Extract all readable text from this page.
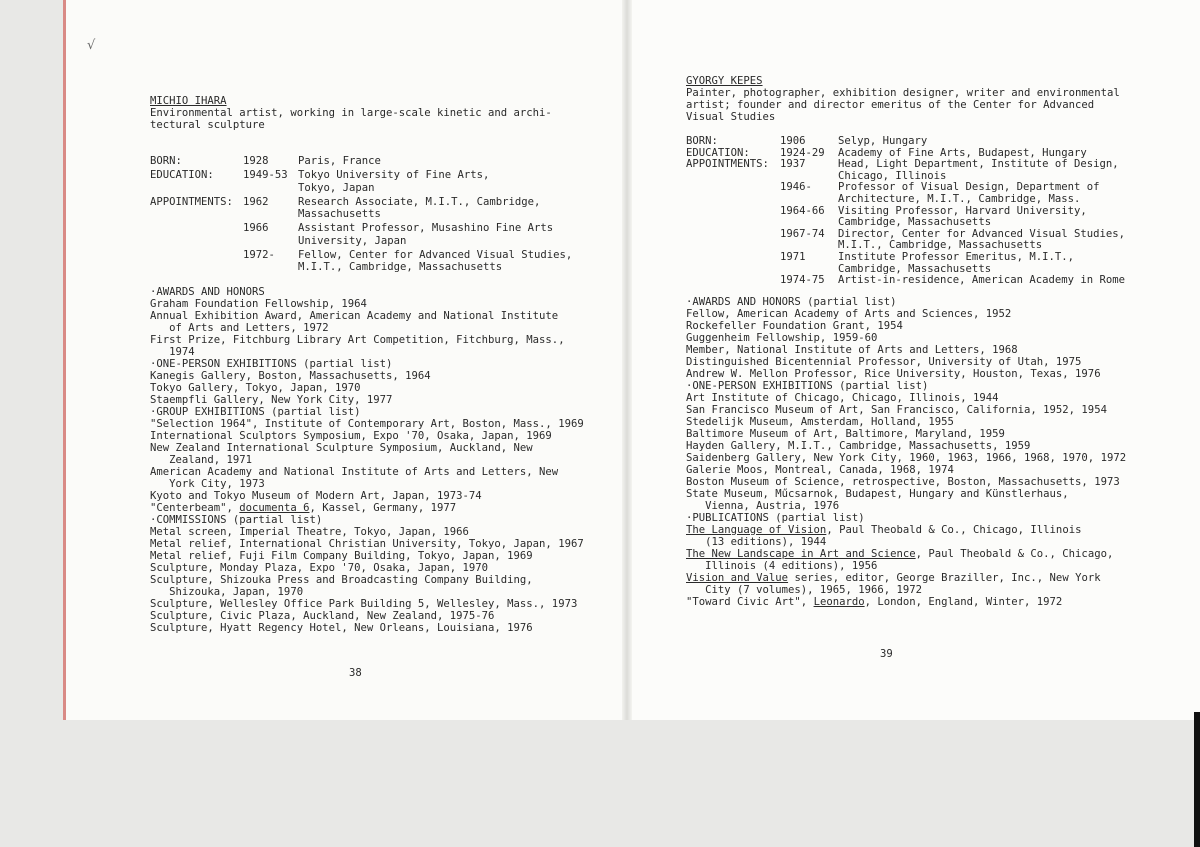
√
MICHIO IHARA
Environmental artist, working in large-scale kinetic and archi-
tectural sculpture
BORN:	1928	Paris, France
EDUCATION:	1949-53 Tokyo University of Fine Arts,
Tokyo, Japan
APPOINTMENTS: 1962	Research Associate, M.I.T., Cambridge,
Massachusetts
1966	Assistant Professor, Musashino Fine Arts
University, Japan
1972- Fellow, Center for Advanced Visual Studies,
M.I.T., Cambridge, Massachusetts
·AWARDS AND HONORS
Graham Foundation Fellowship, 1964
Annual Exhibition Award, American Academy and National Institute
of Arts and Letters, 1972
First Prize, Fitchburg Library Art Competition, Fitchburg, Mass.,
1974
·ONE-PERSON EXHIBITIONS (partial list)
Kanegis Gallery, Boston, Massachusetts, 1964
Tokyo Gallery, Tokyo, Japan, 1970
Staempfli Gallery, New York City, 1977
·GROUP EXHIBITIONS (partial list)
"Selection 1964", Institute of Contemporary Art, Boston, Mass., 1969
International Sculptors Symposium, Expo '70, Osaka, Japan, 1969
New Zealand International Sculpture Symposium, Auckland, New
Zealand, 1971
American Academy and National Institute of Arts and Letters, New
York City, 1973
Kyoto and Tokyo Museum of Modern Art, Japan, 1973-74
"Centerbeam", documenta 6, Kassel, Germany, 1977
·COMMISSIONS (partial list)
Metal screen, Imperial Theatre, Tokyo, Japan, 1966
Metal relief, International Christian University, Tokyo, Japan, 1967
Metal relief, Fuji Film Company Building, Tokyo, Japan, 1969
Sculpture, Monday Plaza, Expo '70, Osaka, Japan, 1970
Sculpture, Shizouka Press and Broadcasting Company Building,
Shizouka, Japan, 1970
Sculpture, Wellesley Office Park Building 5, Wellesley, Mass., 1973
Sculpture, Civic Plaza, Auckland, New Zealand, 1975-76
Sculpture, Hyatt Regency Hotel, New Orleans, Louisiana, 1976
38
GYORGY KEPES
Painter, photographer, exhibition designer, writer and environmental
artist; founder and director emeritus of the Center for Advanced
Visual Studies
BORN:	1906	Selyp, Hungary
EDUCATION:	1924-29 Academy of Fine Arts, Budapest, Hungary
APPOINTMENTS: 1937	Head, Light Department, Institute of Design,
Chicago, Illinois
1946- Professor of Visual Design, Department of
Architecture, M.I.T., Cambridge, Mass.
1964-66 Visiting Professor, Harvard University,
Cambridge, Massachusetts
1967-74 Director, Center for Advanced Visual Studies,
M.I.T., Cambridge, Massachusetts
1971	Institute Professor Emeritus, M.I.T.,
Cambridge, Massachusetts
1974-75 Artist-in-residence, American Academy in Rome
·AWARDS AND HONORS (partial list)
Fellow, American Academy of Arts and Sciences, 1952
Rockefeller Foundation Grant, 1954
Guggenheim Fellowship, 1959-60
Member, National Institute of Arts and Letters, 1968
Distinguished Bicentennial Professor, University of Utah, 1975
Andrew W. Mellon Professor, Rice University, Houston, Texas, 1976
·ONE-PERSON EXHIBITIONS (partial list)
Art Institute of Chicago, Chicago, Illinois, 1944
San Francisco Museum of Art, San Francisco, California, 1952, 1954
Stedelijk Museum, Amsterdam, Holland, 1955
Baltimore Museum of Art, Baltimore, Maryland, 1959
Hayden Gallery, M.I.T., Cambridge, Massachusetts, 1959
Saidenberg Gallery, New York City, 1960, 1963, 1966, 1968, 1970, 1972
Galerie Moos, Montreal, Canada, 1968, 1974
Boston Museum of Science, retrospective, Boston, Massachusetts, 1973
State Museum, Műcsarnok, Budapest, Hungary and Künstlerhaus,
Vienna, Austria, 1976
·PUBLICATIONS (partial list)
The Language of Vision, Paul Theobald & Co., Chicago, Illinois
(13 editions), 1944
The New Landscape in Art and Science, Paul Theobald & Co., Chicago,
Illinois (4 editions), 1956
Vision and Value series, editor, George Braziller, Inc., New York
City (7 volumes), 1965, 1966, 1972
"Toward Civic Art", Leonardo, London, England, Winter, 1972
39
